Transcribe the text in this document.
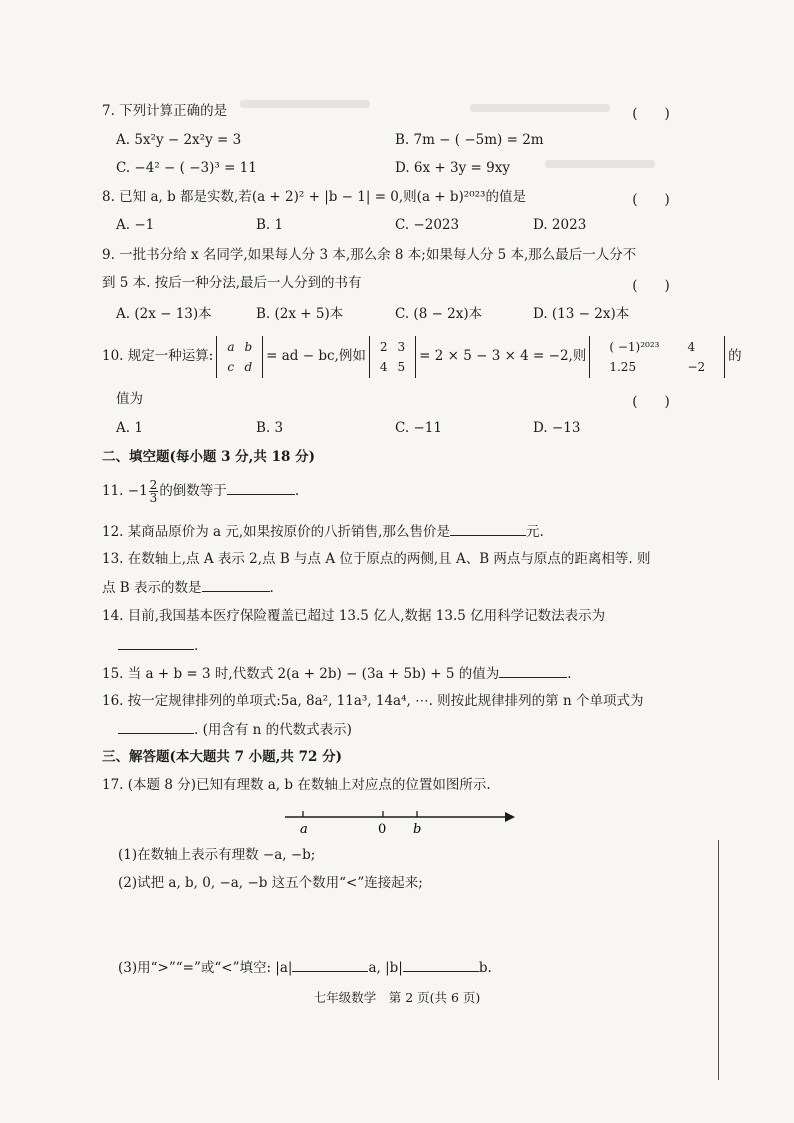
7. 下列计算正确的是	(　　)
A. 5x²y − 2x²y = 3	B. 7m − ( −5m) = 2m
C. −4² − ( −3)³ = 11	D. 6x + 3y = 9xy
8. 已知 a, b 都是实数,若(a + 2)² + |b − 1| = 0,则(a + b)²⁰²³的值是	(　　)
A. −1	B. 1	C. −2023	D. 2023
9. 一批书分给 x 名同学,如果每人分 3 本,那么余 8 本;如果每人分 5 本,那么最后一人分不
到 5 本. 按后一种分法,最后一人分到的书有	(　　)
A. (2x − 13)本	B. (2x + 5)本	C. (8 − 2x)本	D. (13 − 2x)本
10. 规定一种运算:
a	b
c	d
= ad − bc,例如
2	3
4	5
= 2 × 5 − 3 × 4 = −2,则
( −1)²⁰²³	4
1.25	−2
的
值为	(　　)
A. 1	B. 3	C. −11	D. −13
二、填空题(每小题 3 分,共 18 分)
11. $-1 \frac{2}{3}$ 的倒数等于	.
12. 某商品原价为 a 元,如果按原价的八折销售,那么售价是	元.
13. 在数轴上,点 A 表示 2,点 B 与点 A 位于原点的两侧,且 A、B 两点与原点的距离相等. 则
点 B 表示的数是	.
14. 目前,我国基本医疗保险覆盖已超过 13.5 亿人,数据 13.5 亿用科学记数法表示为
.
15. 当 a + b = 3 时,代数式 2(a + 2b) − (3a + 5b) + 5 的值为	.
16. 按一定规律排列的单项式:5a, 8a², 11a³, 14a⁴, ⋯. 则按此规律排列的第 n 个单项式为
. (用含有 n 的代数式表示)
三、解答题(本大题共 7 小题,共 72 分)
17. (本题 8 分)已知有理数 a, b 在数轴上对应点的位置如图所示.
a	0 b
(1)在数轴上表示有理数 −a, −b;
(2)试把 a, b, 0, −a, −b 这五个数用“<”连接起来;
(3)用“>”“=”或“<”填空: |a|	a, |b|	b.
七年级数学　第 2 页(共 6 页)
